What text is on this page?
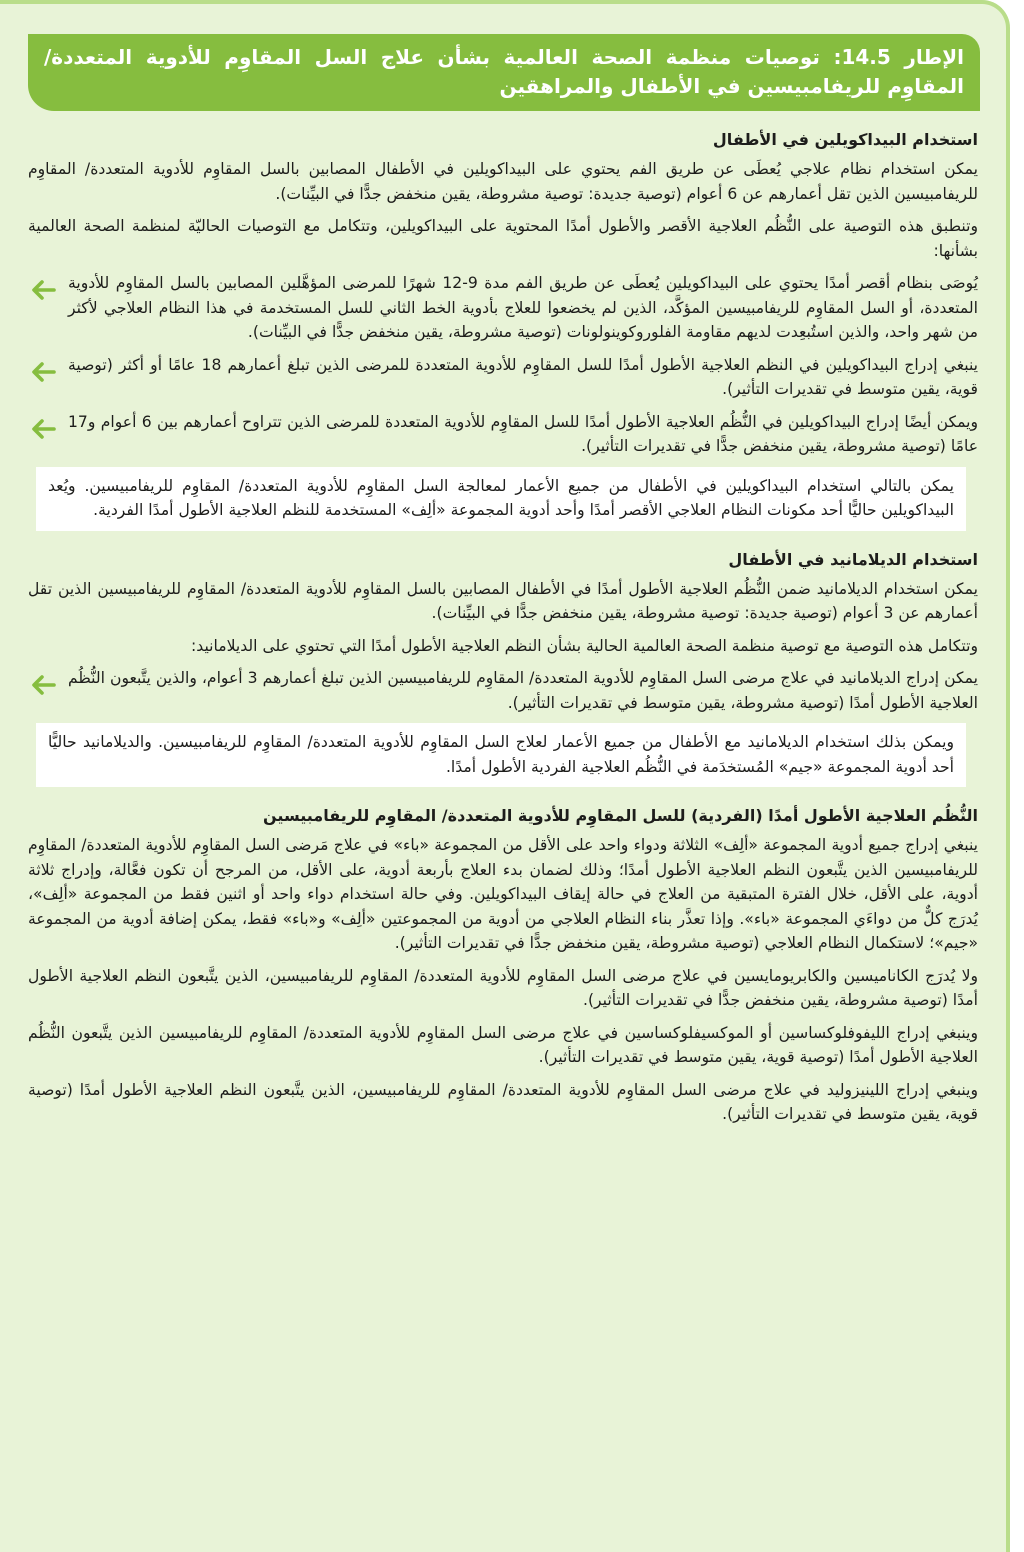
الإطار 14.5: توصيات منظمة الصحة العالمية بشأن علاج السل المقاوِم للأدوية المتعددة/ المقاوِم للريفامبيسين في الأطفال والمراهقين
استخدام البيداكويلين في الأطفال

يمكن استخدام نظام علاجي يُعطَى عن طريق الفم يحتوي على البيداكويلين في الأطفال المصابين بالسل المقاوِم للأدوية المتعددة/ المقاوِم للريفامبيسين الذين تقل أعمارهم عن 6 أعوام (توصية جديدة: توصية مشروطة، يقين منخفض جدًّا في البيِّنات).

وتنطبق هذه التوصية على النُّظُم العلاجية الأقصر والأطول أمدًا المحتوية على البيداكويلين، وتتكامل مع التوصيات الحاليّة لمنظمة الصحة العالمية بشأنها:

يُوصَى بنظام أقصر أمدًا يحتوي على البيداكويلين يُعطَى عن طريق الفم مدة 9-12 شهرًا للمرضى المؤهَّلين المصابين بالسل المقاوِم للأدوية المتعددة، أو السل المقاوِم للريفامبيسين المؤكَّد، الذين لم يخضعوا للعلاج بأدوية الخط الثاني للسل المستخدمة في هذا النظام العلاجي لأكثر من شهر واحد، والذين استُبعِدت لديهم مقاومة الفلوروكوينولونات (توصية مشروطة، يقين منخفض جدًّا في البيِّنات).

ينبغي إدراج البيداكويلين في النظم العلاجية الأطول أمدًا للسل المقاوِم للأدوية المتعددة للمرضى الذين تبلغ أعمارهم 18 عامًا أو أكثر (توصية قوية، يقين متوسط في تقديرات التأثير).

ويمكن أيضًا إدراج البيداكويلين في النُّظُم العلاجية الأطول أمدًا للسل المقاوِم للأدوية المتعددة للمرضى الذين تتراوح أعمارهم بين 6 أعوام و17 عامًا (توصية مشروطة، يقين منخفض جدًّا في تقديرات التأثير).

يمكن بالتالي استخدام البيداكويلين في الأطفال من جميع الأعمار لمعالجة السل المقاوِم للأدوية المتعددة/ المقاوِم للريفامبيسين. ويُعد البيداكويلين حاليًّا أحد مكونات النظام العلاجي الأقصر أمدًا وأحد أدوية المجموعة «ألِف» المستخدمة للنظم العلاجية الأطول أمدًا الفردية.
استخدام الديلامانيد في الأطفال

يمكن استخدام الديلامانيد ضمن النُّظُم العلاجية الأطول أمدًا في الأطفال المصابين بالسل المقاوِم للأدوية المتعددة/ المقاوِم للريفامبيسين الذين تقل أعمارهم عن 3 أعوام (توصية جديدة: توصية مشروطة، يقين منخفض جدًّا في البيِّنات).

وتتكامل هذه التوصية مع توصية منظمة الصحة العالمية الحالية بشأن النظم العلاجية الأطول أمدًا التي تحتوي على الديلامانيد:

يمكن إدراج الديلامانيد في علاج مرضى السل المقاوِم للأدوية المتعددة/ المقاوِم للريفامبيسين الذين تبلغ أعمارهم 3 أعوام، والذين يتَّبعون النُّظُم العلاجية الأطول أمدًا (توصية مشروطة، يقين متوسط في تقديرات التأثير).

ويمكن بذلك استخدام الديلامانيد مع الأطفال من جميع الأعمار لعلاج السل المقاوِم للأدوية المتعددة/ المقاوِم للريفامبيسين. والديلامانيد حاليًّا أحد أدوية المجموعة «جيم» المُستخدَمة في النُّظُم العلاجية الفردية الأطول أمدًا.
النُّظُم العلاجية الأطول أمدًا (الفردية) للسل المقاوِم للأدوية المتعددة/ المقاوِم للريفامبيسين

ينبغي إدراج جميع أدوية المجموعة «ألِف» الثلاثة ودواء واحد على الأقل من المجموعة «باء» في علاج مَرضى السل المقاوِم للأدوية المتعددة/ المقاوِم للريفامبيسين الذين يتَّبعون النظم العلاجية الأطول أمدًا؛ وذلك لضمان بدء العلاج بأربعة أدوية، على الأقل، من المرجح أن تكون فعَّالة، وإدراج ثلاثة أدوية، على الأقل، خلال الفترة المتبقية من العلاج في حالة إيقاف البيداكويلين. وفي حالة استخدام دواء واحد أو اثنين فقط من المجموعة «ألِف»، يُدرَج كلٌّ من دواءَي المجموعة «باء». وإذا تعذَّر بناء النظام العلاجي من أدوية من المجموعتين «ألِف» و«باء» فقط، يمكن إضافة أدوية من المجموعة «جيم»؛ لاستكمال النظام العلاجي (توصية مشروطة، يقين منخفض جدًّا في تقديرات التأثير).

ولا يُدرَج الكاناميسين والكابريومايسين في علاج مرضى السل المقاوِم للأدوية المتعددة/ المقاوِم للريفامبيسين، الذين يتَّبعون النظم العلاجية الأطول أمدًا (توصية مشروطة، يقين منخفض جدًّا في تقديرات التأثير).

وينبغي إدراج الليفوفلوكساسين أو الموكسيفلوكساسين في علاج مرضى السل المقاوِم للأدوية المتعددة/ المقاوِم للريفامبيسين الذين يتَّبعون النُّظُم العلاجية الأطول أمدًا (توصية قوية، يقين متوسط في تقديرات التأثير).

وينبغي إدراج اللينيزوليد في علاج مرضى السل المقاوِم للأدوية المتعددة/ المقاوِم للريفامبيسين، الذين يتَّبعون النظم العلاجية الأطول أمدًا (توصية قوية، يقين متوسط في تقديرات التأثير).
